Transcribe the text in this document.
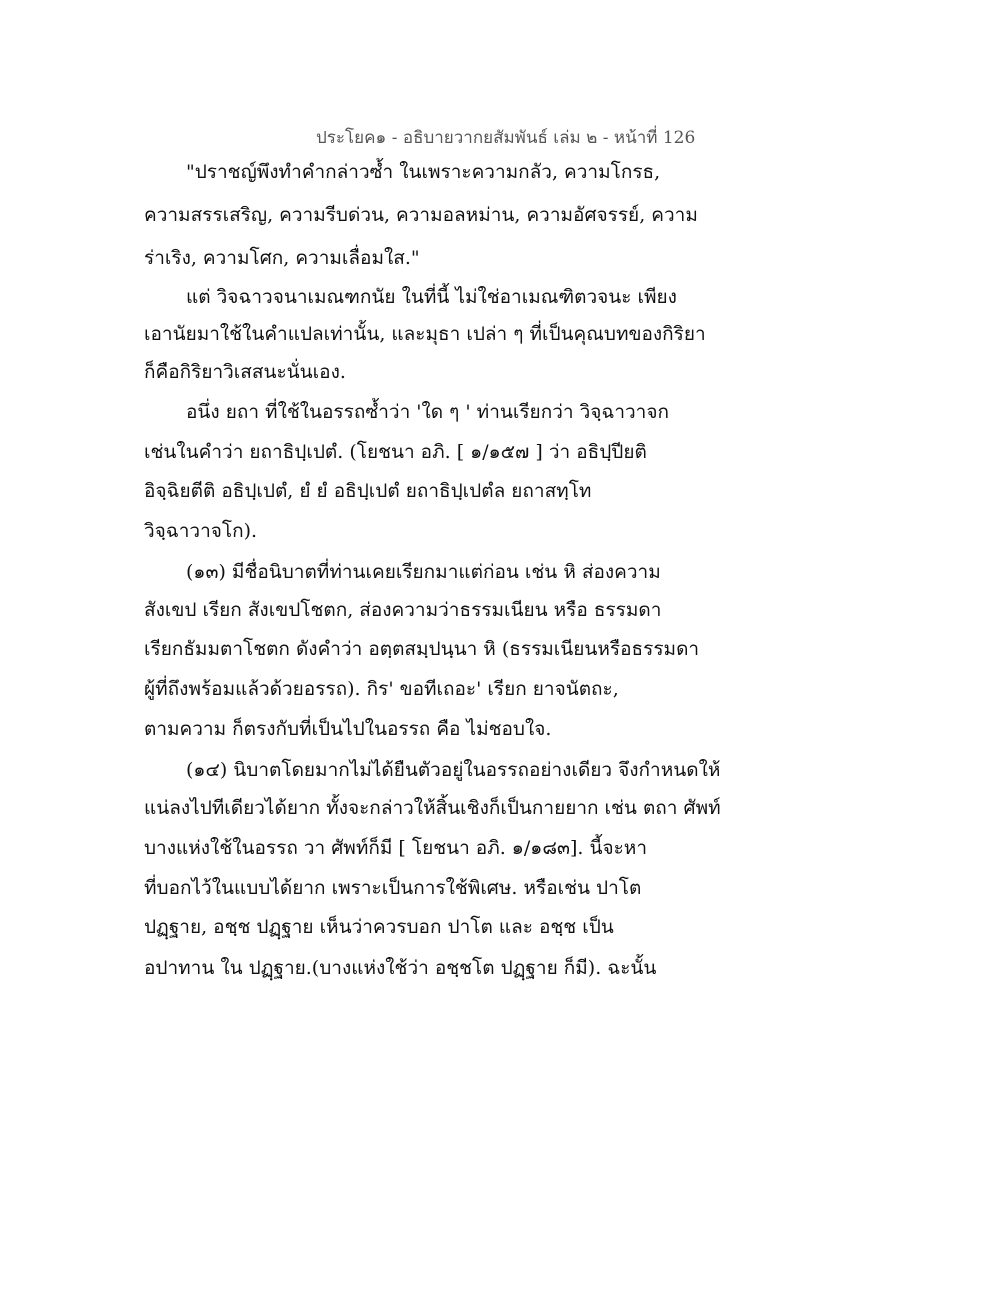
ประโยค๑ - อธิบายวากยสัมพันธ์ เล่ม ๒ - หน้าที่ 126
"ปราชญ์พึงทำคำกล่าวซ้ำ ในเพราะความกลัว, ความโกรธ,
ความสรรเสริญ, ความรีบด่วน, ความอลหม่าน, ความอัศจรรย์, ความ
ร่าเริง, ความโศก, ความเลื่อมใส."
แต่ วิจฉาวจนาเมณฑกนัย ในที่นี้ ไม่ใช่อาเมณฑิตวจนะ เพียง
เอานัยมาใช้ในคำแปลเท่านั้น, และมุธา เปล่า ๆ ที่เป็นคุณบทของกิริยา
ก็คือกิริยาวิเสสนะนั่นเอง.
อนึ่ง ยถา ที่ใช้ในอรรถซ้ำว่า 'ใด ๆ ' ท่านเรียกว่า วิจฺฉาวาจก
เช่นในคำว่า ยถาธิปฺเปตํ. (โยชนา อภิ. [ ๑/๑๕๗ ] ว่า อธิปฺปียติ
อิจฺฉิยตีติ อธิปฺเปตํ, ยํ ยํ อธิปฺเปตํ ยถาธิปฺเปตํล ยถาสทฺโท
วิจฺฉาวาจโก).
(๑๓) มีชื่อนิบาตที่ท่านเคยเรียกมาแต่ก่อน เช่น หิ ส่องความ
สังเขป เรียก สังเขปโชตก, ส่องความว่าธรรมเนียน หรือ ธรรมดา
เรียกธัมมตาโชตก ดังคำว่า อตฺตสมฺปนฺนา หิ (ธรรมเนียนหรือธรรมดา
ผู้ที่ถึงพร้อมแล้วด้วยอรรถ). กิร' ขอทีเถอะ' เรียก ยาจนัตถะ,
ตามความ ก็ตรงกับที่เป็นไปในอรรถ คือ ไม่ชอบใจ.
(๑๔) นิบาตโดยมากไม่ได้ยืนตัวอยู่ในอรรถอย่างเดียว จึงกำหนดให้
แน่ลงไปทีเดียวได้ยาก ทั้งจะกล่าวให้สิ้นเชิงก็เป็นกายยาก เช่น ตถา ศัพท์
บางแห่งใช้ในอรรถ วา ศัพท์ก็มี [ โยชนา อภิ. ๑/๑๘๓]. นี้จะหา
ที่บอกไว้ในแบบได้ยาก เพราะเป็นการใช้พิเศษ. หรือเช่น ปาโต
ปฏฺฐาย, อชฺช ปฏฺฐาย เห็นว่าควรบอก ปาโต และ อชฺช เป็น
อปาทาน ใน ปฏฺฐาย.(บางแห่งใช้ว่า อชฺชโต ปฏฺฐาย ก็มี). ฉะนั้น
